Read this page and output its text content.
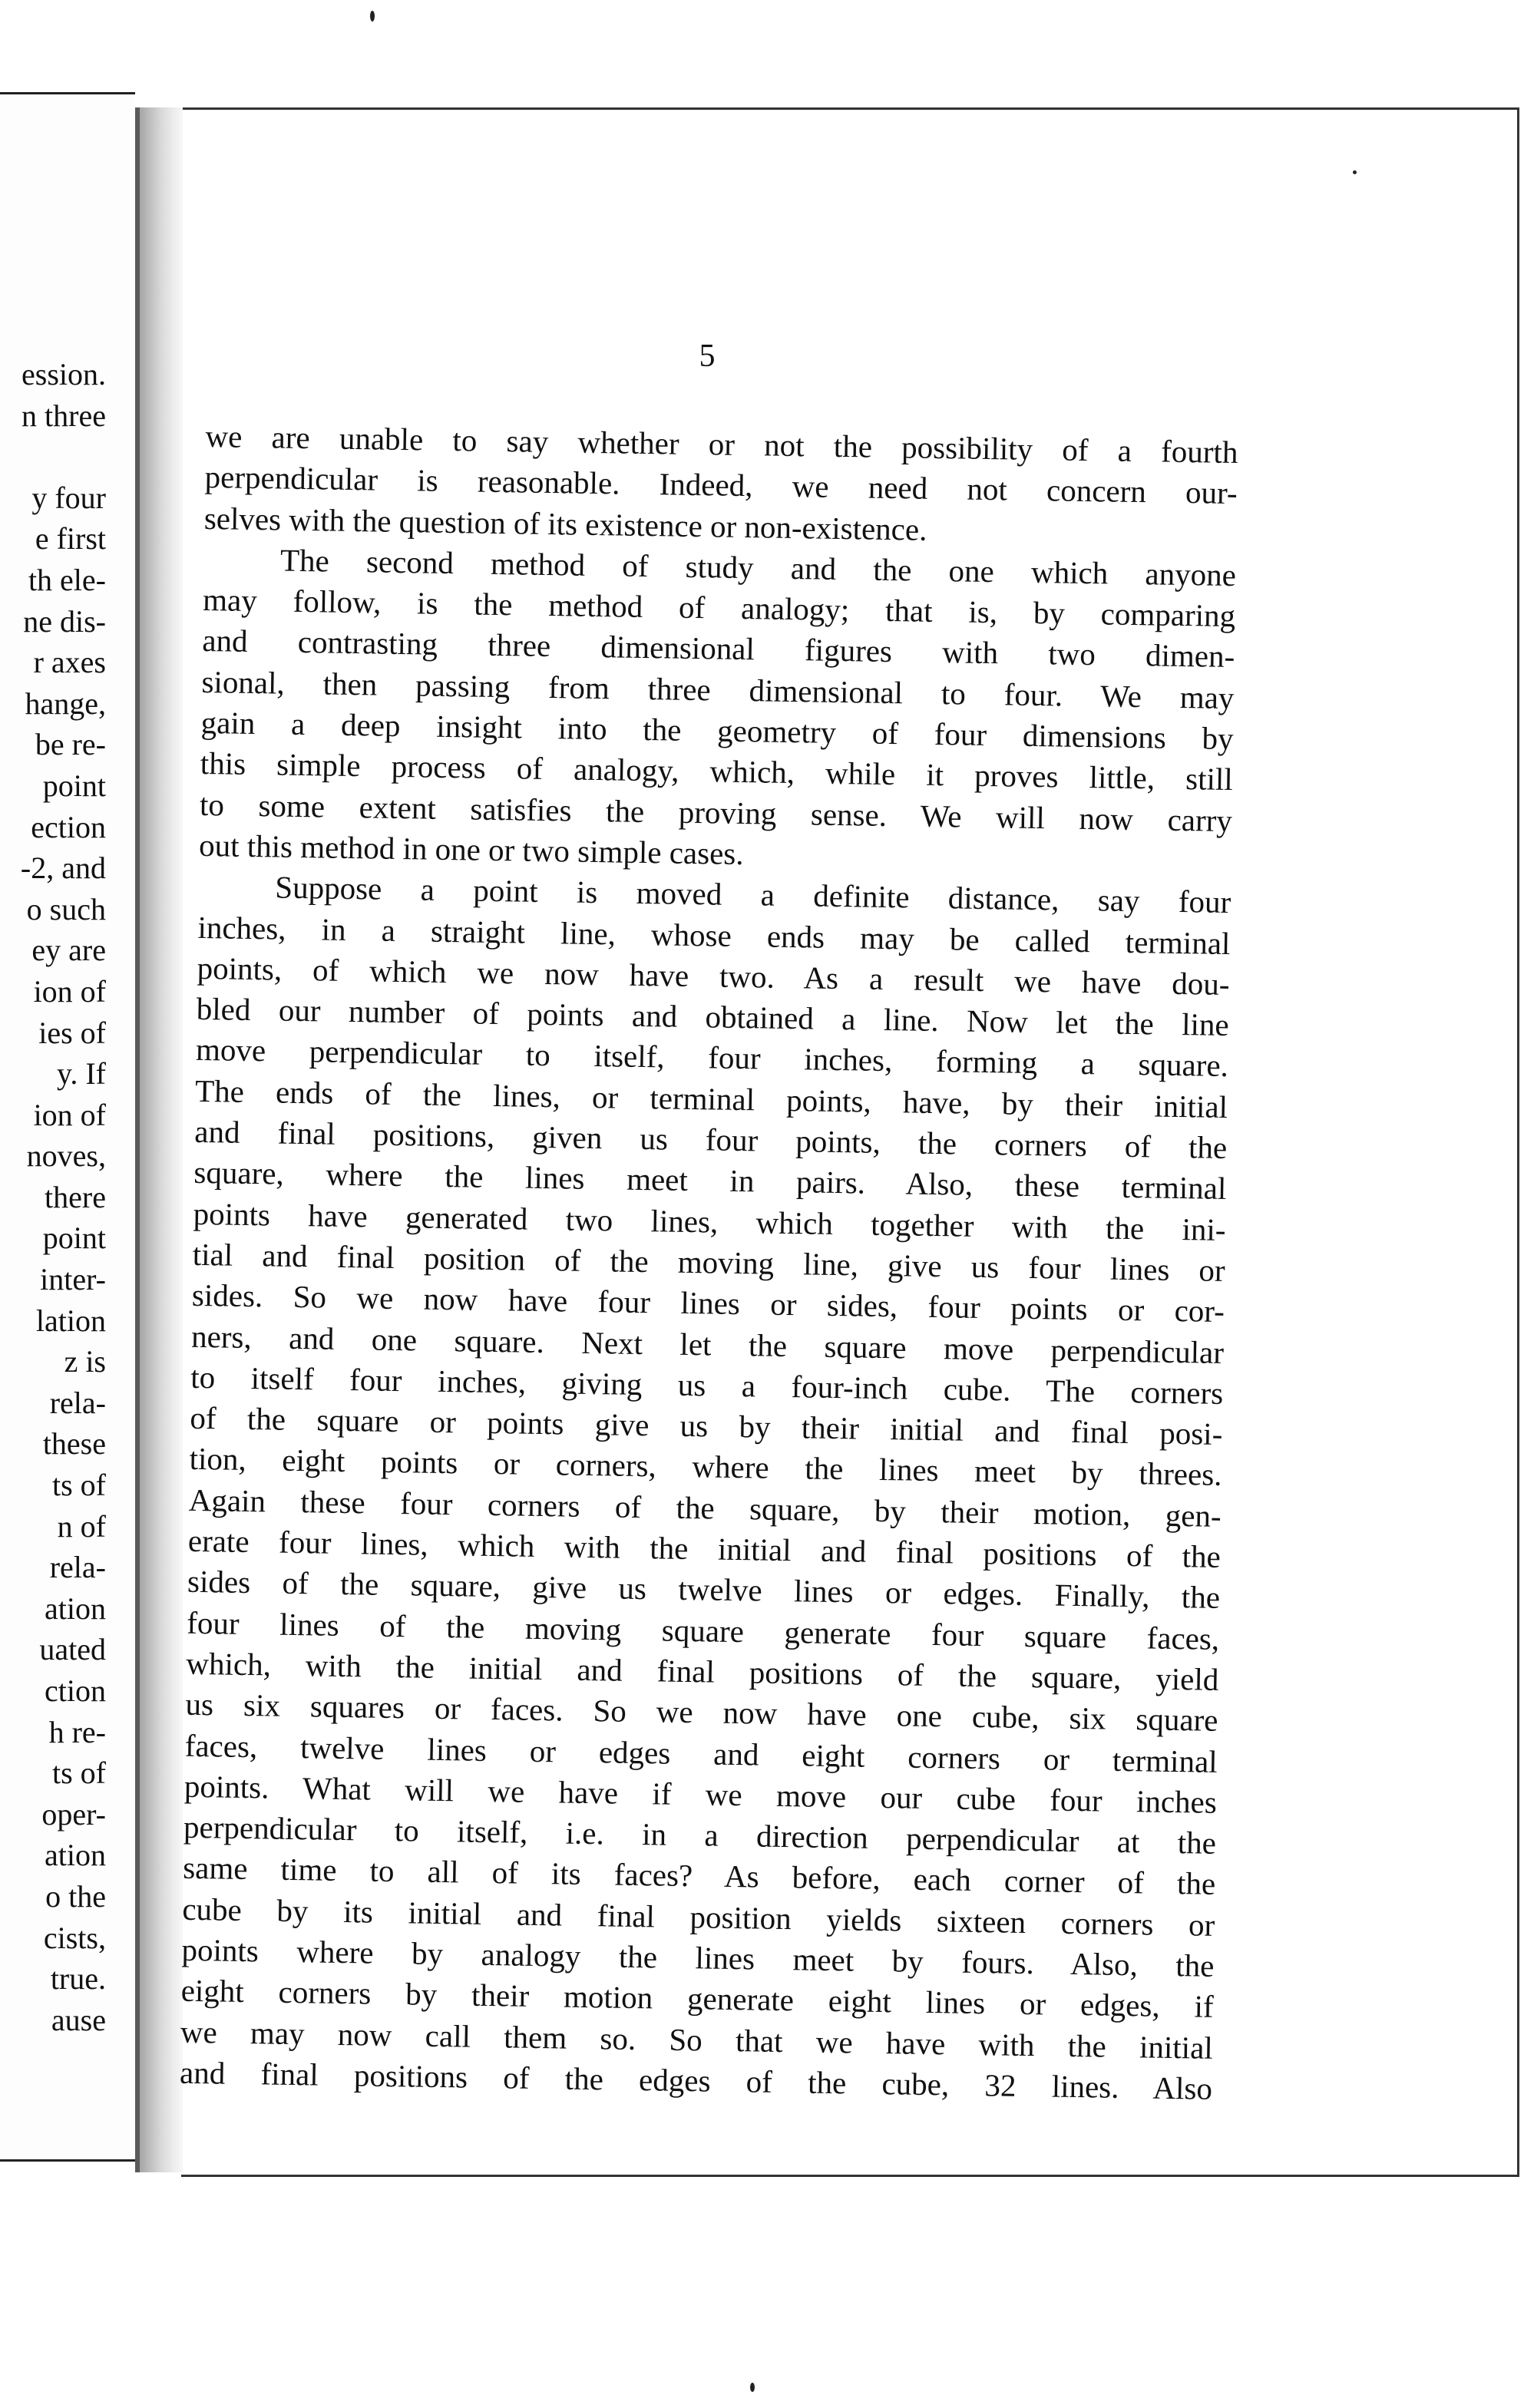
ession.
n three
y four
e first
th ele-
ne dis-
r axes
hange,
be re-
point
ection
-2, and
o such
ey are
ion of
ies of
y. If
ion of
noves,
there
point
inter-
lation
z is
rela-
these
ts of
n of
rela-
ation
uated
ction
h re-
ts of
oper-
ation
o the
cists,
true.
ause
5
we are unable to say whether or not the possibility of a fourth
perpendicular is reasonable. Indeed, we need not concern our-
selves with the question of its existence or non-existence.
The second method of study and the one which anyone
may follow, is the method of analogy; that is, by comparing
and contrasting three dimensional figures with two dimen-
sional, then passing from three dimensional to four. We may
gain a deep insight into the geometry of four dimensions by
this simple process of analogy, which, while it proves little, still
to some extent satisfies the proving sense. We will now carry
out this method in one or two simple cases.
Suppose a point is moved a definite distance, say four
inches, in a straight line, whose ends may be called terminal
points, of which we now have two. As a result we have dou-
bled our number of points and obtained a line. Now let the line
move perpendicular to itself, four inches, forming a square.
The ends of the lines, or terminal points, have, by their initial
and final positions, given us four points, the corners of the
square, where the lines meet in pairs. Also, these terminal
points have generated two lines, which together with the ini-
tial and final position of the moving line, give us four lines or
sides. So we now have four lines or sides, four points or cor-
ners, and one square. Next let the square move perpendicular
to itself four inches, giving us a four-inch cube. The corners
of the square or points give us by their initial and final posi-
tion, eight points or corners, where the lines meet by threes.
Again these four corners of the square, by their motion, gen-
erate four lines, which with the initial and final positions of the
sides of the square, give us twelve lines or edges. Finally, the
four lines of the moving square generate four square faces,
which, with the initial and final positions of the square, yield
us six squares or faces. So we now have one cube, six square
faces, twelve lines or edges and eight corners or terminal
points. What will we have if we move our cube four inches
perpendicular to itself, i.e. in a direction perpendicular at the
same time to all of its faces? As before, each corner of the
cube by its initial and final position yields sixteen corners or
points where by analogy the lines meet by fours. Also, the
eight corners by their motion generate eight lines or edges, if
we may now call them so. So that we have with the initial
and final positions of the edges of the cube, 32 lines. Also
